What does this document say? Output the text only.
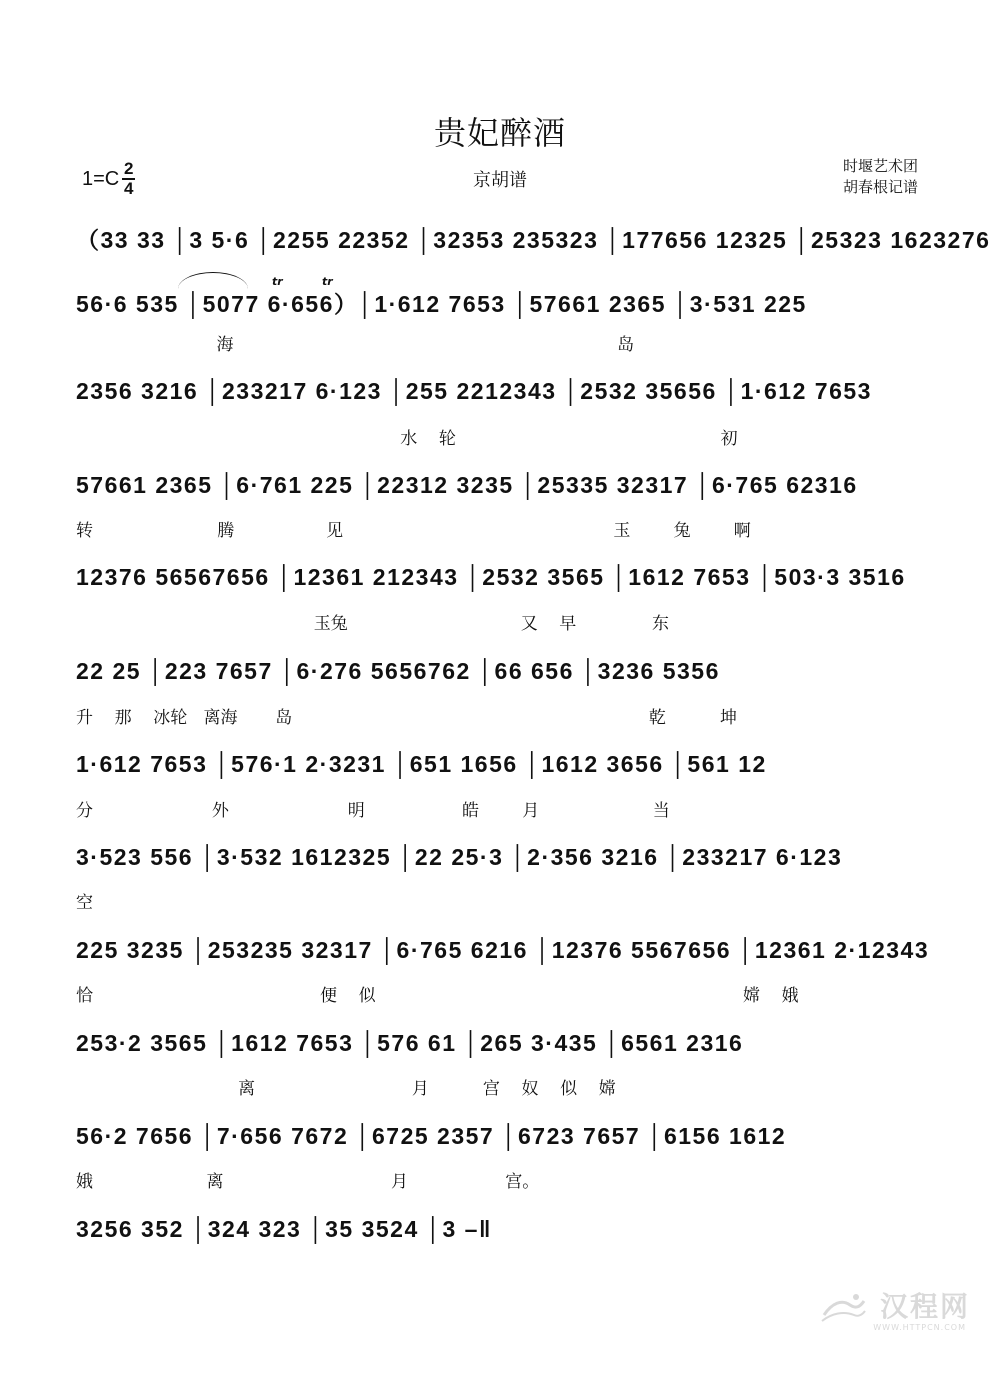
贵妃醉酒
1=C 2
4	京胡谱
时堰艺术团
胡春根记谱
（33 33 │3 5·6 │2255 22352 │32353 235323 │177656 12325 │25323 1623276
56·6 535 │5077 6·656）│1·612 7653 │57661 2365 │3·531 225
海                                                                       岛
2356 3216 │233217 6·123 │255 2212343 │2532 35656 │1·612 7653
水    轮                                                 初
57661 2365 │6·761 225 │22312 3235 │25335 32317 │6·765 62316
转                       腾                 见                                                  玉        兔        啊
12376 56567656 │12361 212343 │2532 3565 │1612 7653 │503·3 3516
玉兔                                又    早              东
22 25 │223 7657 │6·276 5656762 │66 656 │3236 5356
升    那    冰轮   离海       岛                                                                  乾          坤
1·612 7653 │576·1 2·3231 │651 1656 │1612 3656 │561 12
分                      外                      明                  皓        月                     当
3·523 556 │3·532 1612325 │22 25·3 │2·356 3216 │233217 6·123
空
225 3235 │253235 32317 │6·765 6216 │12376 5567656 │12361 2·12343
恰                                          便    似                                                                    嫦    娥
253·2 3565 │1612 7653 │576 61 │265 3·435 │6561 2316
离                             月          宫    奴    似    嫦
56·2 7656 │7·656 7672 │6725 2357 │6723 7657 │6156 1612
娥                     离                               月                  宫。
3256 352 │324 323 │35 3524 │3 –‖
tr	tr
汉程网
WWW.HTTPCN.COM
